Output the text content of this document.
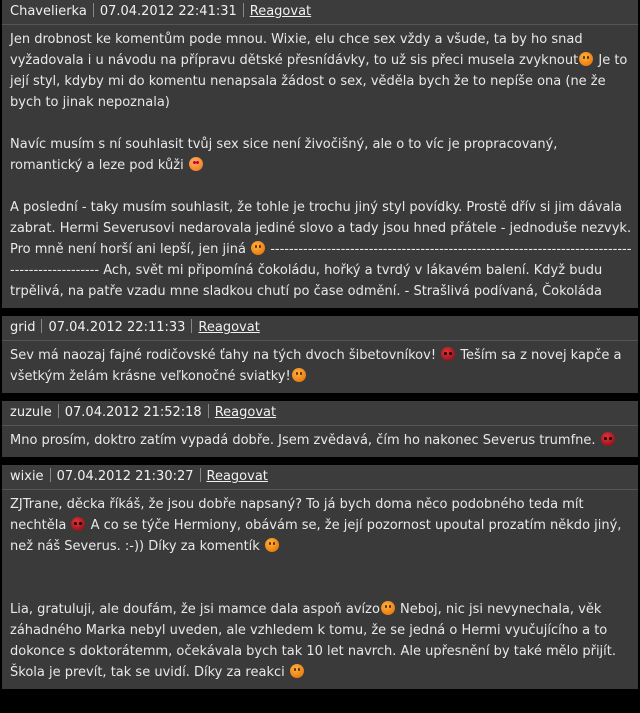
Chavelierka 07.04.2012 22:41:31 Reagovat

Jen drobnost ke komentům pode mnou. Wixie, elu chce sex vždy a všude, ta by ho snad vyžadovala i u návodu na přípravu dětské přesnídávky, to už sis přeci musela zvyknout Je to její styl, kdyby mi do komentu nenapsala žádost o sex, věděla bych že to nepíše ona (ne že bych to jinak nepoznala)

Navíc musím s ní souhlasit tvůj sex sice není živočišný, ale o to víc je propracovaný, romantický a leze pod kůži

A poslední - taky musím souhlasit, že tohle je trochu jiný styl povídky. Prostě dřív si jim dávala zabrat. Hermi Severusovi nedarovala jediné slovo a tady jsou hned přátele - jednoduše nezvyk. Pro mně není horší ani lepší, jen jiná  ------------------------------------------------------------------------------------------------ Ach, svět mi připomíná čokoládu, hořký a tvrdý v lákavém balení. Když budu trpělivá, na patře vzadu mne sladkou chutí po čase odmění. - Strašlivá podívaná, Čokoláda

grid 07.04.2012 22:11:33 Reagovat

Sev má naozaj fajné rodičovské ťahy na tých dvoch šibetovníkov!  Teším sa z novej kapče a všetkým želám krásne veľkonočné sviatky!

zuzule 07.04.2012 21:52:18 Reagovat

Mno prosím, doktro zatím vypadá dobře. Jsem zvědavá, čím ho nakonec Severus trumfne.

wixie 07.04.2012 21:30:27 Reagovat

ZJTrane, děcka říkáš, že jsou dobře napsaný? To já bych doma něco podobného teda mít nechtěla  A co se týče Hermiony, obávám se, že její pozornost upoutal prozatím někdo jiný, než náš Severus. :-)) Díky za komentík

Lia, gratuluji, ale doufám, že jsi mamce dala aspoň avízo Neboj, nic jsi nevynechala, věk záhadného Marka nebyl uveden, ale vzhledem k tomu, že se jedná o Hermi vyučujícího a to dokonce s doktorátemm, očekávala bych tak 10 let navrch. Ale upřesnění by také mělo přijít. Škola je prevít, tak se uvidí. Díky za reakci
